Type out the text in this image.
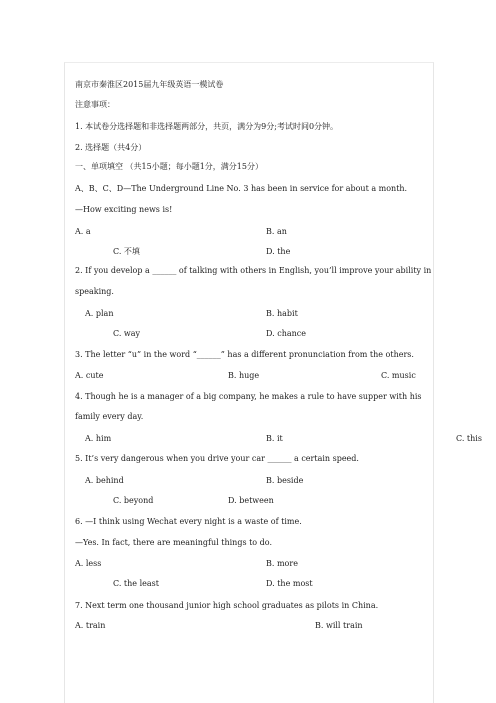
南京市秦淮区2015届九年级英语一模试卷
注意事项：
1. 本试卷分选择题和非选择题两部分，共页，满分为9分;考试时间0分钟。
2. 选择题（共4分）
一、单项填空 （共15小题；每小题1分，满分15分）
A、B、C、D—The Underground Line No. 3 has been in service for about a month.
—How exciting news is!
A. a	B. an
C. 不填	D. the
2. If you develop a ______ of talking with others in English, you’ll improve your ability in
speaking.
A. plan	B. habit
C. way	D. chance
3. The letter “u” in the word “______” has a different pronunciation from the others.
A. cute	B. huge	C. music
4. Though he is a manager of a big company, he makes a rule to have supper with his
family every day.
A. him	B. it	C. this
5. It’s very dangerous when you drive your car ______ a certain speed.
A. behind	B. beside
C. beyond	D. between
6. —I think using Wechat every night is a waste of time.
—Yes. In fact, there are meaningful things to do.
A. less	B. more
C. the least	D. the most
7. Next term one thousand junior high school graduates as pilots in China.
A. train	B. will train
